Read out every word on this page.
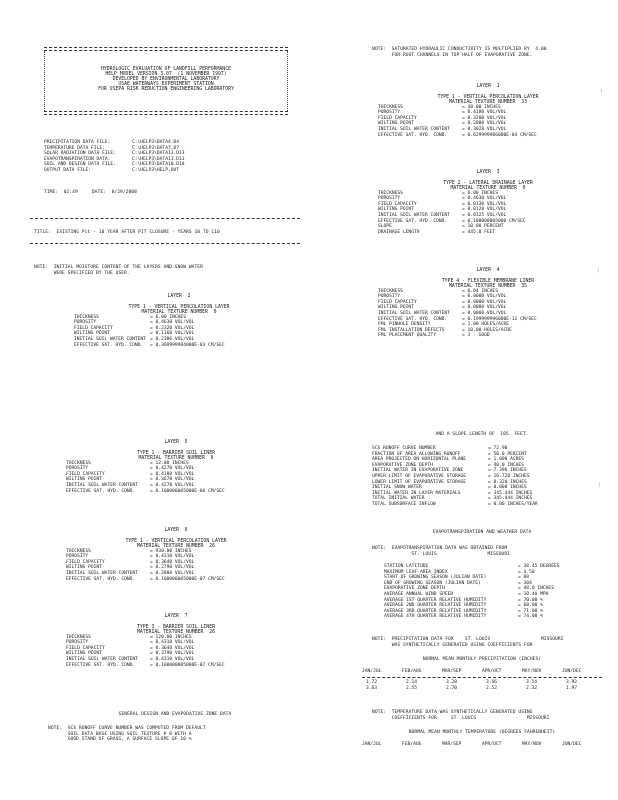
HYDROLOGIC EVALUATION OF LANDFILL PERFORMANCE
HELP MODEL VERSION 3.07  (1 NOVEMBER 1997)
DEVELOPED BY ENVIRONMENTAL LABORATORY
USAE WATERWAYS EXPERIMENT STATION
FOR USEPA RISK REDUCTION ENGINEERING LABORATORY
PRECIPITATION DATA FILE:	C:\HELP3\DATA4.D4
TEMPERATURE DATA FILE:	C:\HELP3\DATA7.D7
SOLAR RADIATION DATA FILE:	C:\HELP3\DATA13.D13
EVAPOTRANSPIRATION DATA:	C:\HELP3\DATA11.D11
SOIL AND DESIGN DATA FILE:	C:\HELP3\DATA10.D10
OUTPUT DATA FILE:	C:\HELP3\HELP.OUT
TIME:  02:49     DATE:  8/29/2008
TITLE:  EXISTING Pit - 10 YEAR AFTER PIT CLOSURE - YEARS 10 TO 110
NOTE:  INITIAL MOISTURE CONTENT OF THE LAYERS AND SNOW WATER
WERE SPECIFIED BY THE USER.
LAYER  2
TYPE 1 - VERTICAL PERCOLATION LAYER
MATERIAL TEXTURE NUMBER  0
THICKNESS	= 6.00 INCHES
POROSITY	= 0.4630 VOL/VOL
FIELD CAPACITY	= 0.2320 VOL/VOL
WILTING POINT	= 0.1160 VOL/VOL
INITIAL SOIL WATER CONTENT = 0.2306 VOL/VOL
EFFECTIVE SAT. HYD. COND. = 0.369999984000E-03 CM/SEC
LAYER  5
TYPE 1 - BARRIER SOIL LINER
MATERIAL TEXTURE NUMBER  0
THICKNESS	= 12.00 INCHES
POROSITY	= 0.4270 VOL/VOL
FIELD CAPACITY	= 0.4180 VOL/VOL
WILTING POINT	= 0.3670 VOL/VOL
INITIAL SOIL WATER CONTENT	= 0.4270 VOL/VOL
EFFECTIVE SAT. HYD. COND.	= 0.100000005000E-06 CM/SEC
LAYER  6
TYPE 1 - VERTICAL PERCOLATION LAYER
MATERIAL TEXTURE NUMBER  26
THICKNESS	= 930.00 INCHES
POROSITY	= 0.4310 VOL/VOL
FIELD CAPACITY	= 0.3640 VOL/VOL
WILTING POINT	= 0.2790 VOL/VOL
INITIAL SOIL WATER CONTENT	= 0.2808 VOL/VOL
EFFECTIVE SAT. HYD. COND.	= 0.100000005000E-07 CM/SEC
LAYER  7
TYPE 3 - BARRIER SOIL LINER
MATERIAL TEXTURE NUMBER  26
THICKNESS	= 120.00 INCHES
POROSITY	= 0.4310 VOL/VOL
FIELD CAPACITY	= 0.3640 VOL/VOL
WILTING POINT	= 0.2790 VOL/VOL
INITIAL SOIL WATER CONTENT	= 0.4310 VOL/VOL
EFFECTIVE SAT. HYD. COND.	= 0.100000005000E-07 CM/SEC
GENERAL DESIGN AND EVAPORATIVE ZONE DATA
NOTE:  SCS RUNOFF CURVE NUMBER WAS COMPUTED FROM DEFAULT
SOIL DATA BASE USING SOIL TEXTURE # 8 WITH A
GOOD STAND OF GRASS, A SURFACE SLOPE OF 10 %
NOTE:  SATURATED HYDRAULIC CONDUCTIVITY IS MULTIPLIED BY  4.00
FOR ROOT CHANNELS IN TOP HALF OF EVAPORATIVE ZONE.
LAYER  1
TYPE 1 - VERTICAL PERCOLATION LAYER
MATERIAL TEXTURE NUMBER  33
THICKNESS	= 48.00 INCHES
POROSITY	= 0.4180 VOL/VOL
FIELD CAPACITY	= 0.3200 VOL/VOL
WILTING POINT	= 0.2080 VOL/VOL
INITIAL SOIL WATER CONTENT	= 0.3028 VOL/VOL
EFFECTIVE SAT. HYD. COND.	= 0.629999986000E-04 CM/SEC
LAYER  3
TYPE 2 - LATERAL DRAINAGE LAYER
MATERIAL TEXTURE NUMBER  0
THICKNESS	= 6.00 INCHES
POROSITY	= 0.4630 VOL/VOL
FIELD CAPACITY	= 0.0130 VOL/VOL
WILTING POINT	= 0.0120 VOL/VOL
INITIAL SOIL WATER CONTENT	= 0.0125 VOL/VOL
EFFECTIVE SAT. HYD. COND.	= 0.100000005000 CM/SEC
SLOPE	= 10.00 PERCENT
DRAINAGE LENGTH	= 445.0 FEET
LAYER  4
TYPE 4 - FLEXIBLE MEMBRANE LINER
MATERIAL TEXTURE NUMBER  35
THICKNESS	= 0.04 INCHES
POROSITY	= 0.0000 VOL/VOL
FIELD CAPACITY	= 0.0000 VOL/VOL
WILTING POINT	= 0.0000 VOL/VOL
INITIAL SOIL WATER CONTENT	= 0.0000 VOL/VOL
EFFECTIVE SAT. HYD. COND.	= 0.199999996000E-12 CM/SEC
FML PINHOLE DENSITY	= 1.00 HOLES/ACRE
FML INSTALLATION DEFECTS	= 10.00 HOLES/ACRE
FML PLACEMENT QUALITY	= 3 - GOOD
AND A SLOPE LENGTH OF  105. FEET.
SCS RUNOFF CURVE NUMBER	= 72.90
FRACTION OF AREA ALLOWING RUNOFF	= 50.0 PERCENT
AREA PROJECTED ON HORIZONTAL PLANE	= 1.000 ACRES
EVAPORATIVE ZONE DEPTH	= 40.0 INCHES
INITIAL WATER IN EVAPORATIVE ZONE	= 7.396 INCHES
UPPER LIMIT OF EVAPORATIVE STORAGE	= 16.720 INCHES
LOWER LIMIT OF EVAPORATIVE STORAGE	= 8.320 INCHES
INITIAL SNOW WATER	= 0.000 INCHES
INITIAL WATER IN LAYER MATERIALS	= 345.444 INCHES
TOTAL INITIAL WATER	= 345.444 INCHES
TOTAL SUBSURFACE INFLOW	= 0.00 INCHES/YEAR
EVAPOTRANSPIRATION AND WEATHER DATA
NOTE:  EVAPOTRANSPIRATION DATA WAS OBTAINED FROM
ST. LOUIS                  MISSOURI
STATION LATITUDE	= 38.45 DEGREES
MAXIMUM LEAF AREA INDEX	= 4.50
START OF GROWING SEASON (JULIAN DATE)	= 88
END OF GROWING SEASON (JULIAN DATE)	= 304
EVAPORATIVE ZONE DEPTH	= 40.0 INCHES
AVERAGE ANNUAL WIND SPEED	= 10.40 MPH
AVERAGE 1ST QUARTER RELATIVE HUMIDITY	= 70.00 %
AVERAGE 2ND QUARTER RELATIVE HUMIDITY	= 68.00 %
AVERAGE 3RD QUARTER RELATIVE HUMIDITY	= 71.00 %
AVERAGE 4TH QUARTER RELATIVE HUMIDITY	= 74.00 %
NOTE:  PRECIPITATION DATA FOR    ST. LOUIS                  MISSOURI
WAS SYNTHETICALLY GENERATED USING COEFFICIENTS FOR
NORMAL MEAN MONTHLY PRECIPITATION (INCHES)
JAN/JUL	FEB/AUG	MAR/SEP	APR/OCT	MAY/NOV	JUN/DEC
1.72	2.14	3.28	3.66	3.54	3.92
3.63	2.55	2.70	2.52	2.32	1.97
NOTE:  TEMPERATURE DATA WAS SYNTHETICALLY GENERATED USING
COEFFICIENTS FOR     ST. LOUIS                  MISSOURI
NORMAL MEAN MONTHLY TEMPERATURE (DEGREES FAHRENHEIT)
JAN/JUL	FEB/AUG	MAR/SEP	APR/OCT	MAY/NOV	JUN/DEC
(
(
(
